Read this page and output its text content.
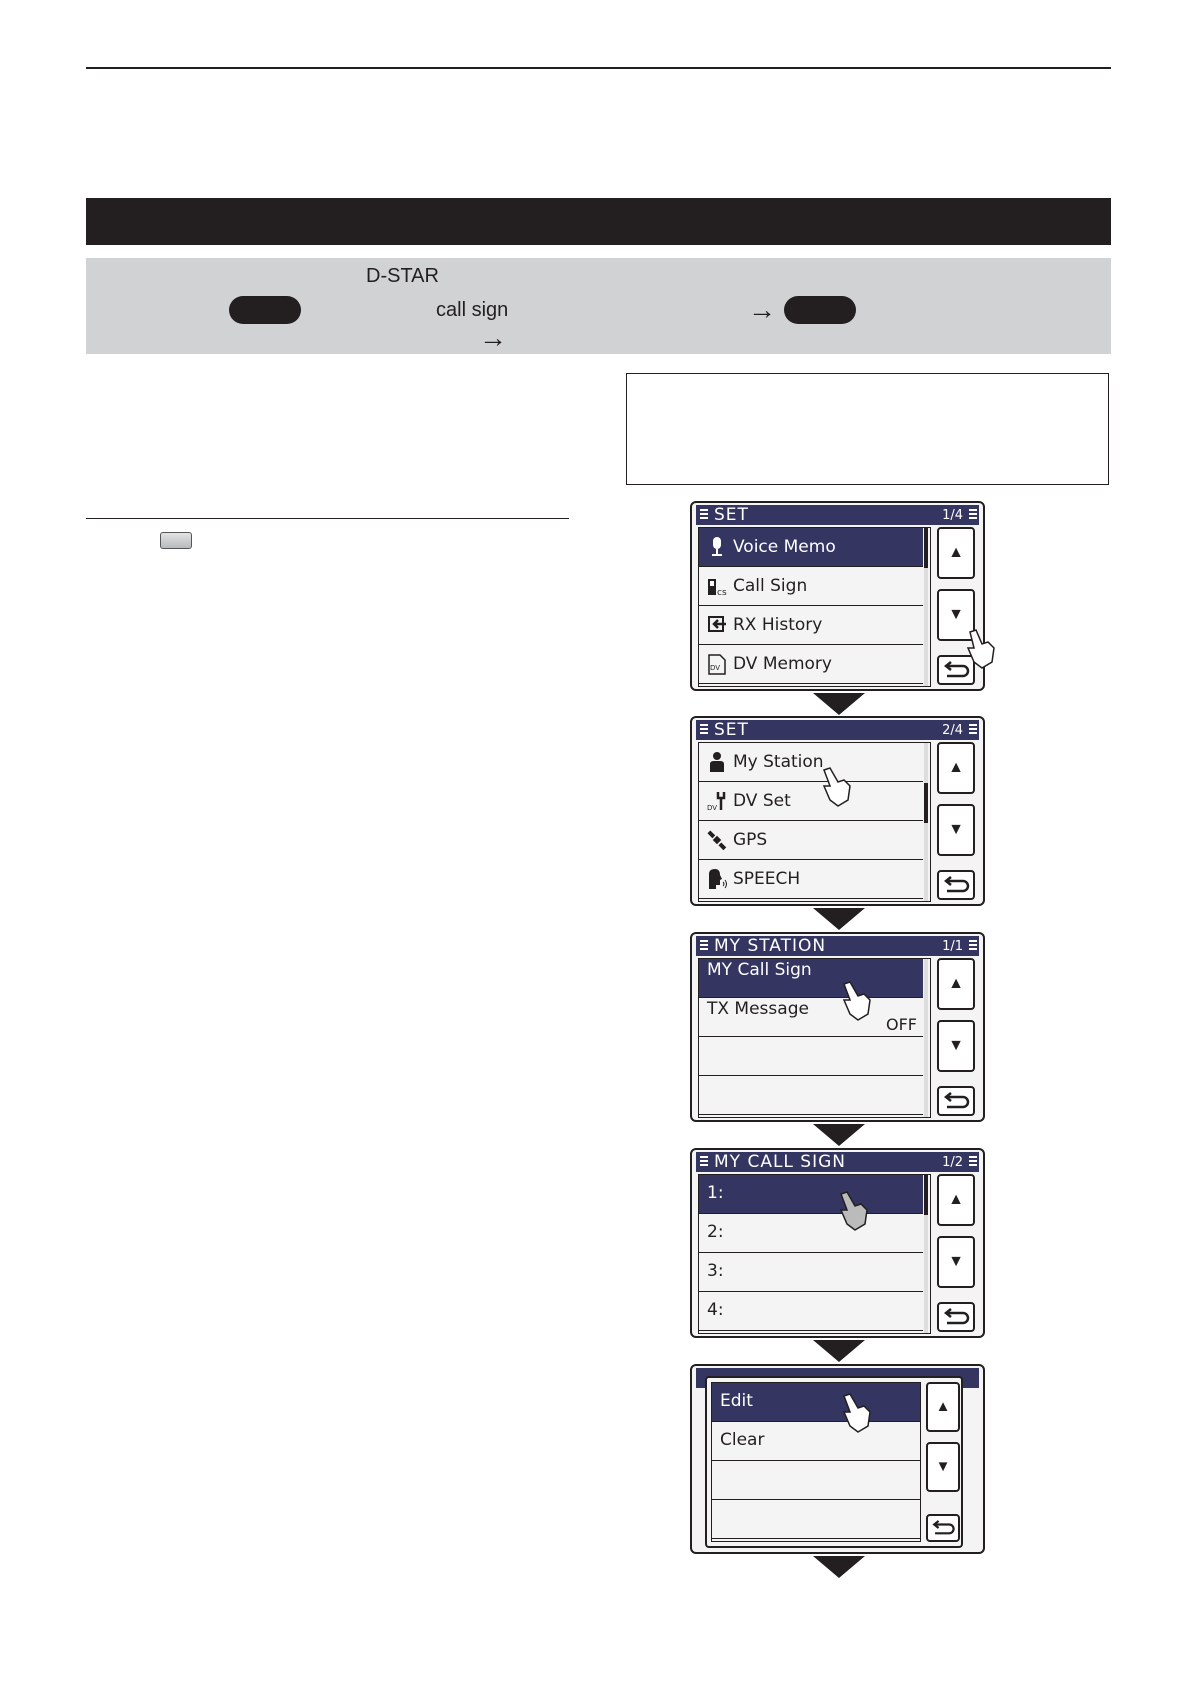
D-STAR
call sign	→
→
SET	1/4
Voice Memo
cs Call Sign
RX History
DV DV Memory
▲
▼
SET	2/4
My Station
DV DV Set
GPS
SPEECH
▲
▼
MY STATION	1/1
MY Call Sign
TX Message
OFF
▲
▼
MY CALL SIGN	1/2
1:
2:
3:
4:
▲
▼
Edit
Clear
▲
▼
